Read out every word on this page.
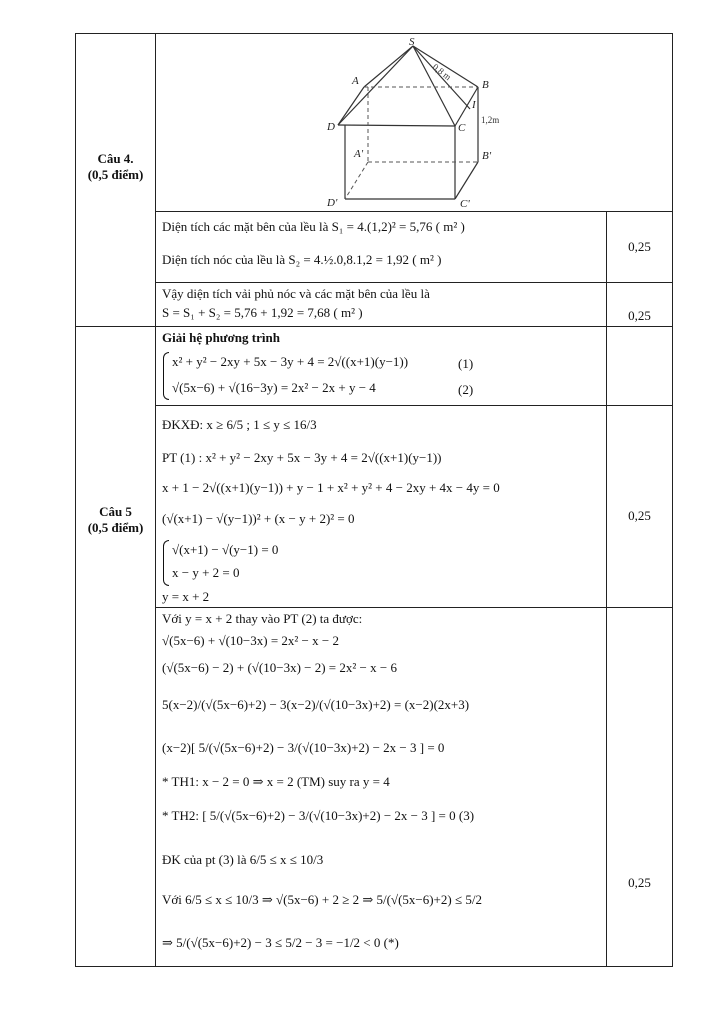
Câu 4.
(0,5 điểm)
S
A	B
C
D
I
A'	B'
C'
D'
0,8 m
1,2m
Diện tích các mặt bên của lều là S₁ = 4.(1,2)² = 5,76 ( m² )
Diện tích nóc của lều là S₂ = 4.½.0,8.1,2 = 1,92 ( m² )
0,25
Vậy diện tích vải phủ nóc và các mặt bên của lều là
S = S₁ + S₂ = 5,76 + 1,92 = 7,68 ( m² )	0,25
Câu 5
(0,5 điểm)
Giải hệ phương trình
x² + y² − 2xy + 5x − 3y + 4 = 2√((x+1)(y−1))	(1)
√(5x−6) + √(16−3y) = 2x² − 2x + y − 4	(2)
ĐKXĐ: x ≥ 6/5 ; 1 ≤ y ≤ 16/3
PT (1) : x² + y² − 2xy + 5x − 3y + 4 = 2√((x+1)(y−1))
x + 1 − 2√((x+1)(y−1)) + y − 1 + x² + y² + 4 − 2xy + 4x − 4y = 0
(√(x+1) − √(y−1))² + (x − y + 2)² = 0
√(x+1) − √(y−1) = 0
x − y + 2 = 0
y = x + 2
0,25
Với y = x + 2 thay vào PT (2) ta được:
√(5x−6) + √(10−3x) = 2x² − x − 2
(√(5x−6) − 2) + (√(10−3x) − 2) = 2x² − x − 6
5(x−2)/(√(5x−6)+2) − 3(x−2)/(√(10−3x)+2) = (x−2)(2x+3)
(x−2)[ 5/(√(5x−6)+2) − 3/(√(10−3x)+2) − 2x − 3 ] = 0
* TH1: x − 2 = 0 ⇒ x = 2 (TM) suy ra y = 4
* TH2: [ 5/(√(5x−6)+2) − 3/(√(10−3x)+2) − 2x − 3 ] = 0 (3)
ĐK của pt (3) là 6/5 ≤ x ≤ 10/3
Với 6/5 ≤ x ≤ 10/3 ⇒ √(5x−6) + 2 ≥ 2 ⇒ 5/(√(5x−6)+2) ≤ 5/2
⇒ 5/(√(5x−6)+2) − 3 ≤ 5/2 − 3 = −1/2 < 0 (*)
0,25
